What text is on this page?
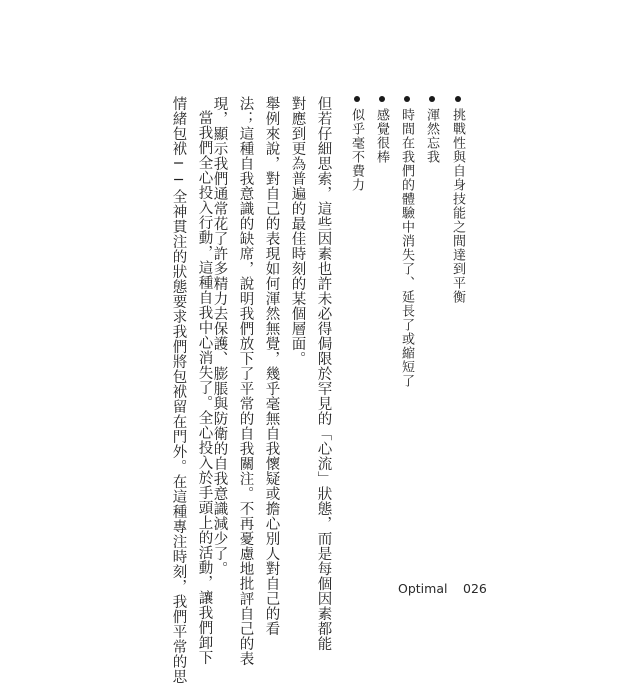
挑戰性與自身技能之間達到平衡
渾然忘我
時間在我們的體驗中消失了、延長了或縮短了
感覺很棒
似乎毫不費力
但若仔細思索，這些因素也許未必得侷限於罕見的「心流」狀態，而是每個因素都能
對應到更為普遍的最佳時刻的某個層面。
舉例來說，對自己的表現如何渾然無覺，幾乎毫無自我懷疑或擔心別人對自己的看
法；這種自我意識的缺席，說明我們放下了平常的自我關注。不再憂慮地批評自己的表
現，顯示我們通常花了許多精力去保護、膨脹與防衛的自我意識減少了。
當我們全心投入行動，這種自我中心消失了。全心投入於手頭上的活動，讓我們卸下
情緒包袱──全神貫注的狀態要求我們將包袱留在門外。在這種專注時刻，我們平常的思	Optimal 026
